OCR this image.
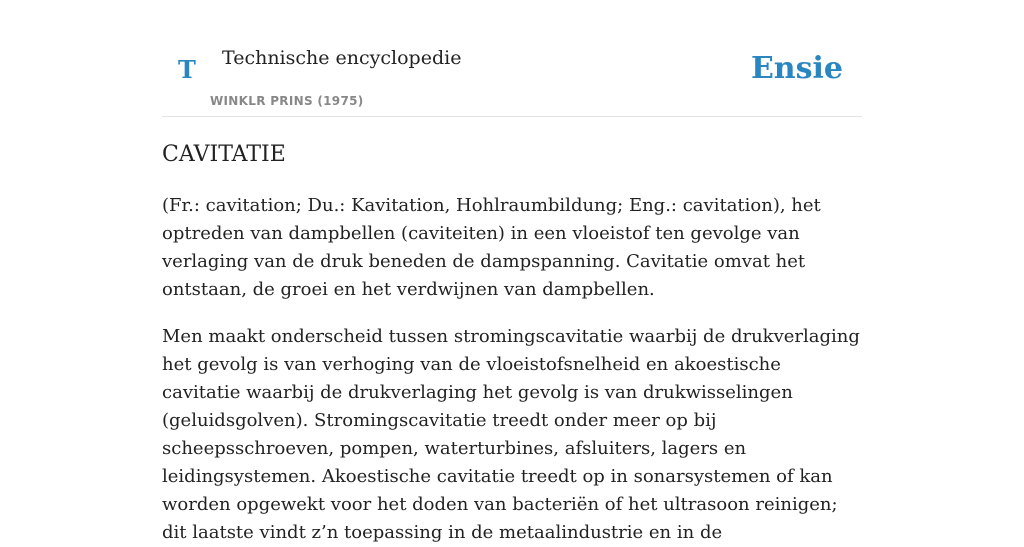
T Technische encyclopedie
WINKLR PRINS (1975)
Ensie
CAVITATIE

(Fr.: cavitation; Du.: Kavitation, Hohlraumbildung; Eng.: cavitation), het optreden van dampbellen (caviteiten) in een vloeistof ten gevolge van verlaging van de druk beneden de dampspanning. Cavitatie omvat het ontstaan, de groei en het verdwijnen van dampbellen.

Men maakt onderscheid tussen stromingscavitatie waarbij de drukverlaging het gevolg is van verhoging van de vloeistofsnelheid en akoestische cavitatie waarbij de drukverlaging het gevolg is van drukwisselingen (geluidsgolven). Stromingscavitatie treedt onder meer op bij scheepsschroeven, pompen, waterturbines, afsluiters, lagers en leidingsystemen. Akoestische cavitatie treedt op in sonarsystemen of kan worden opgewekt voor het doden van bacteriën of het ultrasoon reinigen; dit laatste vindt z’n toepassing in de metaalindustrie en in de
